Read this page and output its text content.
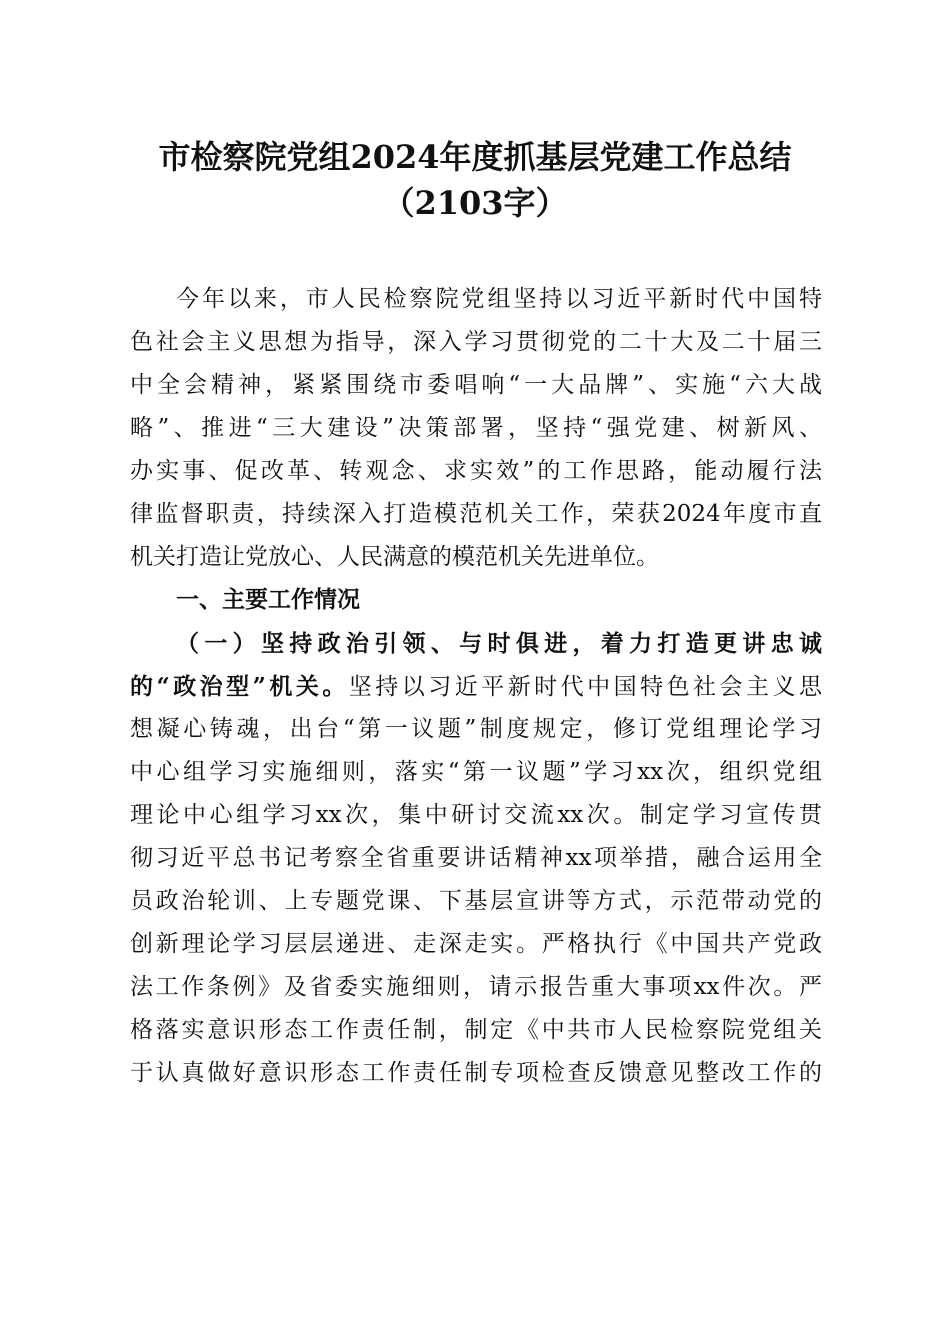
市检察院党组2024年度抓基层党建工作总结
（2103字）
今年以来，市人民检察院党组坚持以习近平新时代中国特
色社会主义思想为指导，深入学习贯彻党的二十大及二十届三
中全会精神，紧紧围绕市委唱响“一大品牌”、实施“六大战
略”、推进“三大建设”决策部署，坚持“强党建、树新风、
办实事、促改革、转观念、求实效”的工作思路，能动履行法
律监督职责，持续深入打造模范机关工作，荣获2024年度市直
机关打造让党放心、人民满意的模范机关先进单位。
一、主要工作情况
（一）坚持政治引领、与时俱进，着力打造更讲忠诚
的“政治型”机关。坚持以习近平新时代中国特色社会主义思
想凝心铸魂，出台“第一议题”制度规定，修订党组理论学习
中心组学习实施细则，落实“第一议题”学习xx次，组织党组
理论中心组学习xx次，集中研讨交流xx次。制定学习宣传贯
彻习近平总书记考察全省重要讲话精神xx项举措，融合运用全
员政治轮训、上专题党课、下基层宣讲等方式，示范带动党的
创新理论学习层层递进、走深走实。严格执行《中国共产党政
法工作条例》及省委实施细则，请示报告重大事项xx件次。严
格落实意识形态工作责任制，制定《中共市人民检察院党组关
于认真做好意识形态工作责任制专项检查反馈意见整改工作的
